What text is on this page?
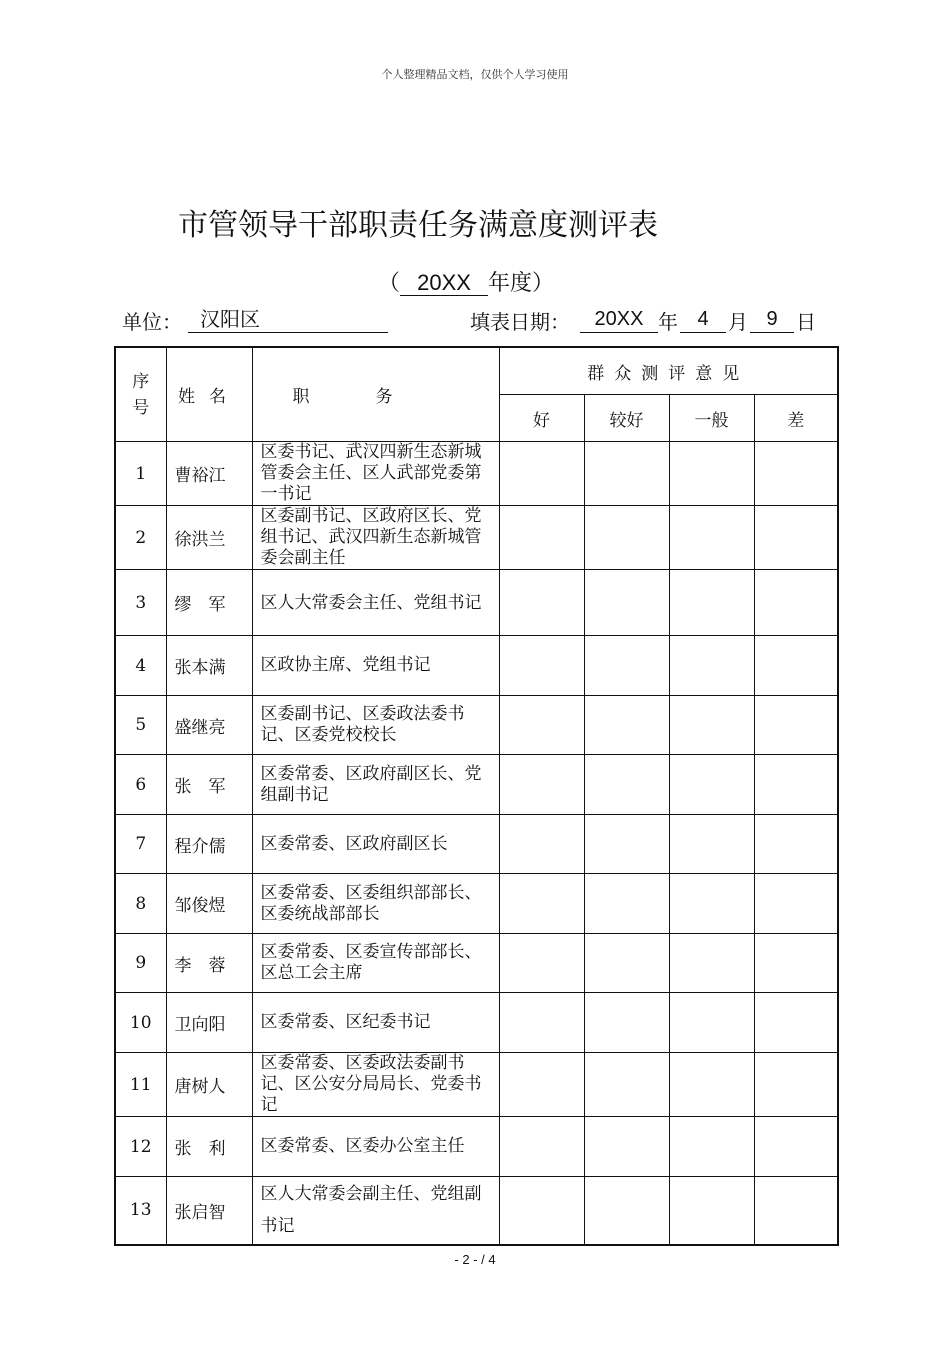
个人整理精品文档，仅供个人学习使用
市管领导干部职责任务满意度测评表
（ 20XX 年度）
单位： 汉阳区	填表日期：	20XX 年 4 月 9 日
序
号	姓名	职务	群众测评意见			
			好	较好	一般	差
1	曹裕江	区委书记、武汉四新生态新城管委会主任、区人武部党委第一书记				
2	徐洪兰	区委副书记、区政府区长、党组书记、武汉四新生态新城管委会副主任				
3	缪　军	区人大常委会主任、党组书记				
4	张本满	区政协主席、党组书记				
5	盛继亮	区委副书记、区委政法委书记、区委党校校长				
6	张　军	区委常委、区政府副区长、党组副书记				
7	程介儒	区委常委、区政府副区长				
8	邹俊煜	区委常委、区委组织部部长、区委统战部部长				
9	李　蓉	区委常委、区委宣传部部长、区总工会主席				
10	卫向阳	区委常委、区纪委书记				
11	唐树人	区委常委、区委政法委副书记、区公安分局局长、党委书记				
12	张　利	区委常委、区委办公室主任				
13	张启智	区人大常委会副主任、党组副书记				
- 2 - / 4
